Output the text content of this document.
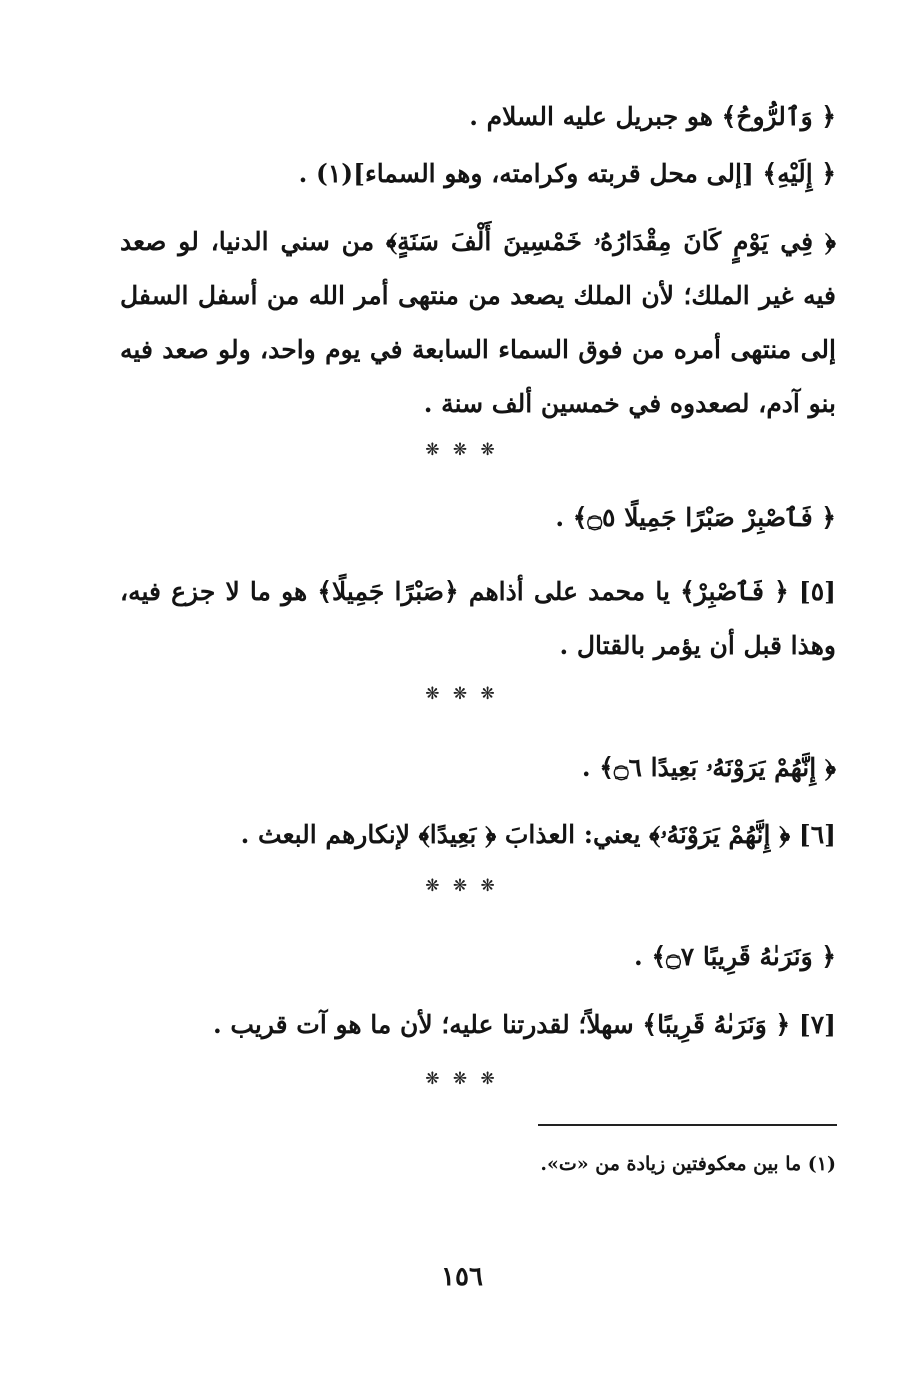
﴿ وَٱلرُّوحُ﴾ هو جبريل عليه السلام .
﴿ إِلَيْهِ﴾ [إلى محل قربته وكرامته، وهو السماء](١) .
﴿ فِي يَوْمٍ كَانَ مِقْدَارُهُۥ خَمْسِينَ أَلْفَ سَنَةٍ﴾ من سني الدنيا، لو صعد فيه غير الملك؛ لأن الملك يصعد من منتهى أمر الله من أسفل السفل إلى منتهى أمره من فوق السماء السابعة في يوم واحد، ولو صعد فيه بنو آدم، لصعدوه في خمسين ألف سنة .
❋ ❋ ❋
﴿ فَٱصْبِرْ صَبْرًا جَمِيلًا ۝٥﴾ .
[٥] ﴿ فَٱصْبِرْ﴾ يا محمد على أذاهم ﴿صَبْرًا جَمِيلًا﴾ هو ما لا جزع فيه، وهذا قبل أن يؤمر بالقتال .
❋ ❋ ❋
﴿ إِنَّهُمْ يَرَوْنَهُۥ بَعِيدًا ۝٦﴾ .
[٦] ﴿ إِنَّهُمْ يَرَوْنَهُۥ﴾ يعني: العذابَ ﴿ بَعِيدًا﴾ لإنكارهم البعث .
❋ ❋ ❋
﴿ وَنَرَىٰهُ قَرِيبًا ۝٧﴾ .
[٧] ﴿ وَنَرَىٰهُ قَرِيبًا﴾ سهلاً؛ لقدرتنا عليه؛ لأن ما هو آت قريب .
❋ ❋ ❋
(١) ما بين معكوفتين زيادة من «ت».
١٥٦
